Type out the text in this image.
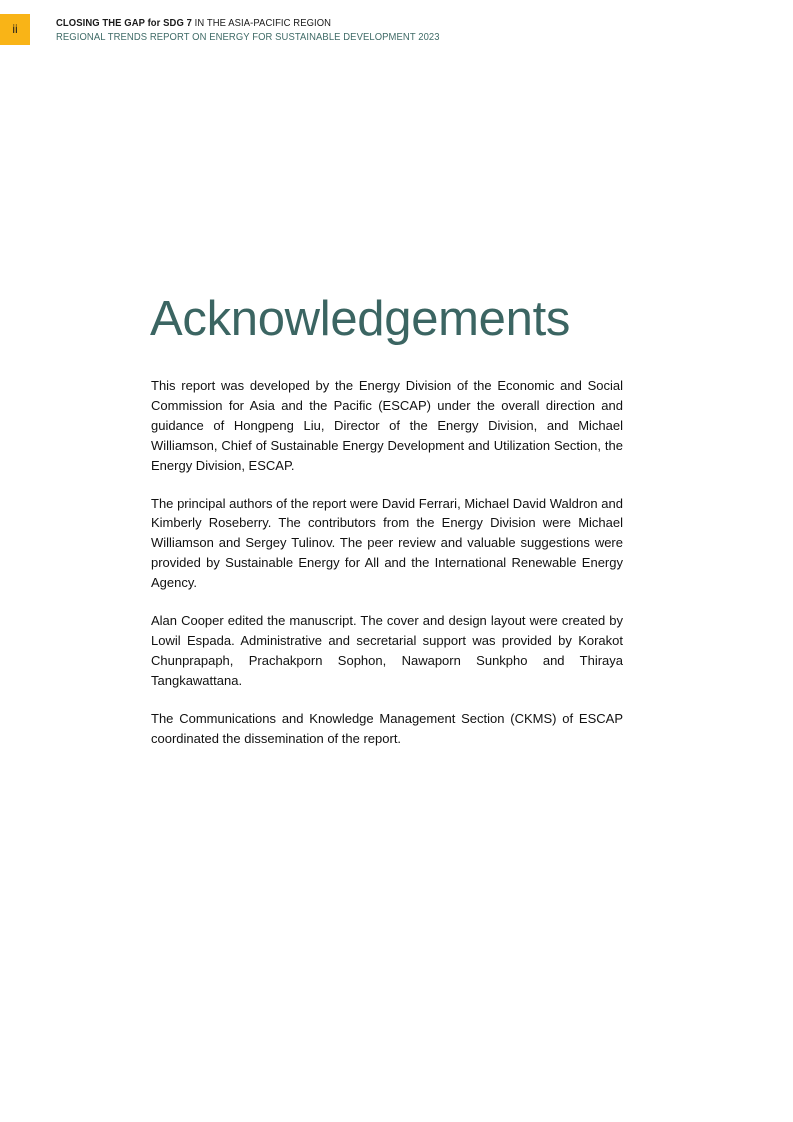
ii	CLOSING THE GAP for SDG 7 IN THE ASIA-PACIFIC REGION
REGIONAL TRENDS REPORT ON ENERGY FOR SUSTAINABLE DEVELOPMENT 2023
Acknowledgements

This report was developed by the Energy Division of the Economic and Social Commission for Asia and the Pacific (ESCAP) under the overall direction and guidance of Hongpeng Liu, Director of the Energy Division, and Michael Williamson, Chief of Sustainable Energy Development and Utilization Section, the Energy Division, ESCAP.

The principal authors of the report were David Ferrari, Michael David Waldron and Kimberly Roseberry. The contributors from the Energy Division were Michael Williamson and Sergey Tulinov. The peer review and valuable suggestions were provided by Sustainable Energy for All and the International Renewable Energy Agency.

Alan Cooper edited the manuscript. The cover and design layout were created by Lowil Espada. Administrative and secretarial support was provided by Korakot Chunprapaph, Prachakporn Sophon, Nawaporn Sunkpho and Thiraya Tangkawattana.

The Communications and Knowledge Management Section (CKMS) of ESCAP coordinated the dissemination of the report.
